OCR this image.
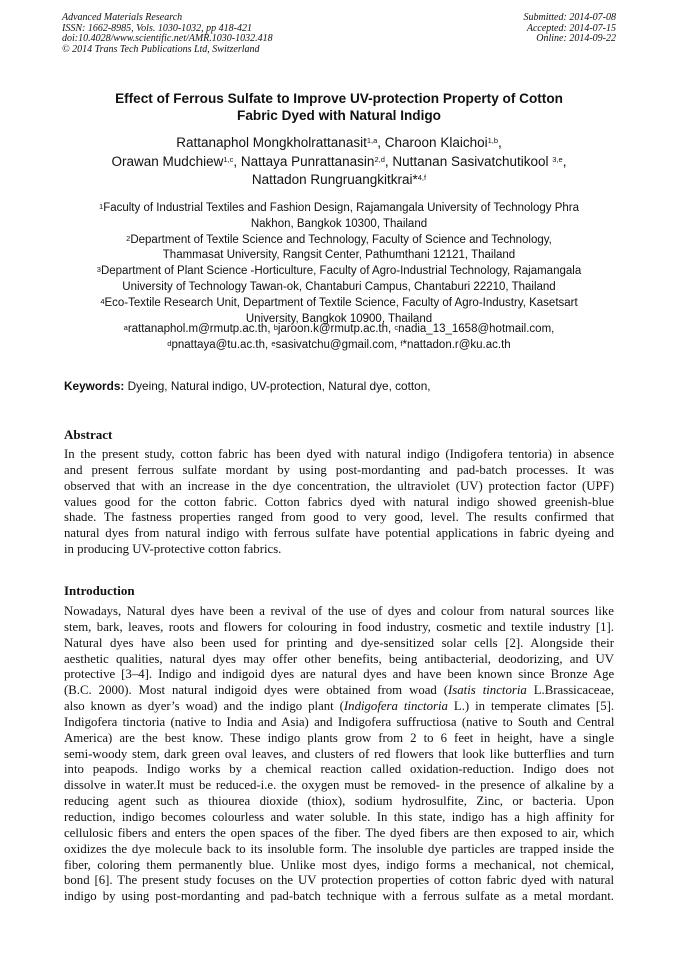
Advanced Materials Research
ISSN: 1662-8985, Vols. 1030-1032, pp 418-421
doi:10.4028/www.scientific.net/AMR.1030-1032.418
© 2014 Trans Tech Publications Ltd, Switzerland
Submitted: 2014-07-08
Accepted: 2014-07-15
Online: 2014-09-22
Effect of Ferrous Sulfate to Improve UV-protection Property of Cotton
Fabric Dyed with Natural Indigo
Rattanaphol Mongkholrattanasit$^{1,a}$, Charoon Klaichoi$^{1,b}$,
Orawan Mudchiew$^{1,c}$, Nattaya Punrattanasin$^{2,d}$, Nuttanan Sasivatchutikool $^{3,e}$,
Nattadon Rungruangkitkrai*$^{4,f}$
$^1$Faculty of Industrial Textiles and Fashion Design, Rajamangala University of Technology Phra
Nakhon, Bangkok 10300, Thailand
$^2$Department of Textile Science and Technology, Faculty of Science and Technology,
Thammasat University, Rangsit Center, Pathumthani 12121, Thailand
$^3$Department of Plant Science -Horticulture, Faculty of Agro-Industrial Technology, Rajamangala
University of Technology Tawan-ok, Chantaburi Campus, Chantaburi 22210, Thailand
$^4$Eco-Textile Research Unit, Department of Textile Science, Faculty of Agro-Industry, Kasetsart
University, Bangkok 10900, Thailand
$^a$rattanaphol.m@rmutp.ac.th, $^b$jaroon.k@rmutp.ac.th, $^c$nadia_13_1658@hotmail.com,
$^d$pnattaya@tu.ac.th, $^e$sasivatchu@gmail.com, $^f$*nattadon.r@ku.ac.th
Keywords: Dyeing, Natural indigo, UV-protection, Natural dye, cotton,
Abstract
In the present study, cotton fabric has been dyed with natural indigo (Indigofera tentoria) in absence
and present ferrous sulfate mordant by using post-mordanting and pad-batch processes. It was
observed that with an increase in the dye concentration, the ultraviolet (UV) protection factor (UPF)
values good for the cotton fabric. Cotton fabrics dyed with natural indigo showed greenish-blue
shade. The fastness properties ranged from good to very good, level. The results confirmed that
natural dyes from natural indigo with ferrous sulfate have potential applications in fabric dyeing and
in producing UV-protective cotton fabrics.
Introduction
Nowadays, Natural dyes have been a revival of the use of dyes and colour from natural sources like
stem, bark, leaves, roots and flowers for colouring in food industry, cosmetic and textile industry [1].
Natural dyes have also been used for printing and dye-sensitized solar cells [2]. Alongside their
aesthetic qualities, natural dyes may offer other benefits, being antibacterial, deodorizing, and UV
protective [3–4]. Indigo and indigoid dyes are natural dyes and have been known since Bronze Age
(B.C. 2000). Most natural indigoid dyes were obtained from woad (Isatis tinctoria L.Brassicaceae,
also known as dyer’s woad) and the indigo plant (Indigofera tinctoria L.) in temperate climates [5].
Indigofera tinctoria (native to India and Asia) and Indigofera suffructiosa (native to South and Central
America) are the best know. These indigo plants grow from 2 to 6 feet in height, have a single
semi-woody stem, dark green oval leaves, and clusters of red flowers that look like butterflies and turn
into peapods. Indigo works by a chemical reaction called oxidation-reduction. Indigo does not
dissolve in water.It must be reduced-i.e. the oxygen must be removed- in the presence of alkaline by a
reducing agent such as thiourea dioxide (thiox), sodium hydrosulfite, Zinc, or bacteria. Upon
reduction, indigo becomes colourless and water soluble. In this state, indigo has a high affinity for
cellulosic fibers and enters the open spaces of the fiber. The dyed fibers are then exposed to air, which
oxidizes the dye molecule back to its insoluble form. The insoluble dye particles are trapped inside the
fiber, coloring them permanently blue. Unlike most dyes, indigo forms a mechanical, not chemical,
bond [6]. The present study focuses on the UV protection properties of cotton fabric dyed with natural
indigo by using post-mordanting and pad-batch technique with a ferrous sulfate as a metal mordant.
